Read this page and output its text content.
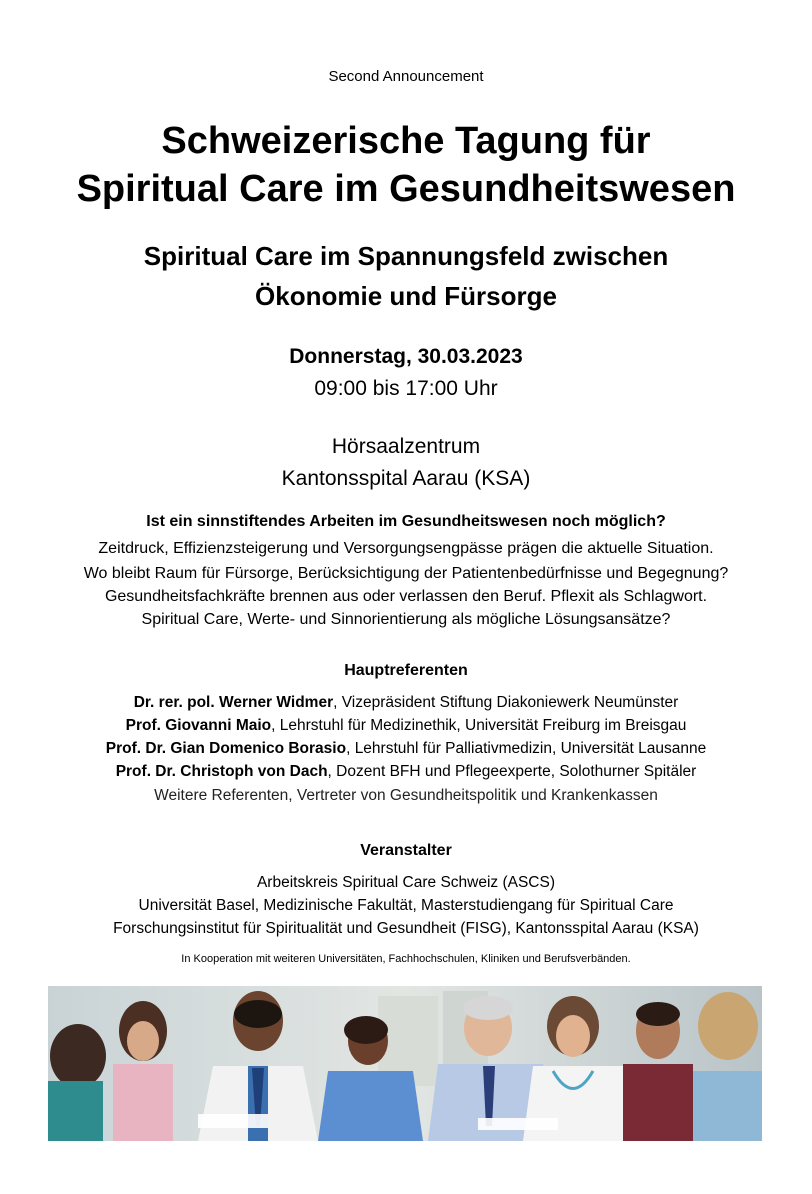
Second Announcement
Schweizerische Tagung für
Spiritual Care im Gesundheitswesen
Spiritual Care im Spannungsfeld zwischen
Ökonomie und Fürsorge
Donnerstag, 30.03.2023
09:00 bis 17:00 Uhr
Hörsaalzentrum
Kantonsspital Aarau (KSA)
Ist ein sinnstiftendes Arbeiten im Gesundheitswesen noch möglich?
Zeitdruck, Effizienzsteigerung und Versorgungsengpässe prägen die aktuelle Situation.
Wo bleibt Raum für Fürsorge, Berücksichtigung der Patientenbedürfnisse und Begegnung?
Gesundheitsfachkräfte brennen aus oder verlassen den Beruf. Pflexit als Schlagwort.
Spiritual Care, Werte- und Sinnorientierung als mögliche Lösungsansätze?
Hauptreferenten
Dr. rer. pol. Werner Widmer, Vizepräsident Stiftung Diakoniewerk Neumünster
Prof. Giovanni Maio, Lehrstuhl für Medizinethik, Universität Freiburg im Breisgau
Prof. Dr. Gian Domenico Borasio, Lehrstuhl für Palliativmedizin, Universität Lausanne
Prof. Dr. Christoph von Dach, Dozent BFH und Pflegeexperte, Solothurner Spitäler
Weitere Referenten, Vertreter von Gesundheitspolitik und Krankenkassen
Veranstalter
Arbeitskreis Spiritual Care Schweiz (ASCS)
Universität Basel, Medizinische Fakultät, Masterstudiengang für Spiritual Care
Forschungsinstitut für Spiritualität und Gesundheit (FISG), Kantonsspital Aarau (KSA)
In Kooperation mit weiteren Universitäten, Fachhochschulen, Kliniken und Berufsverbänden.
